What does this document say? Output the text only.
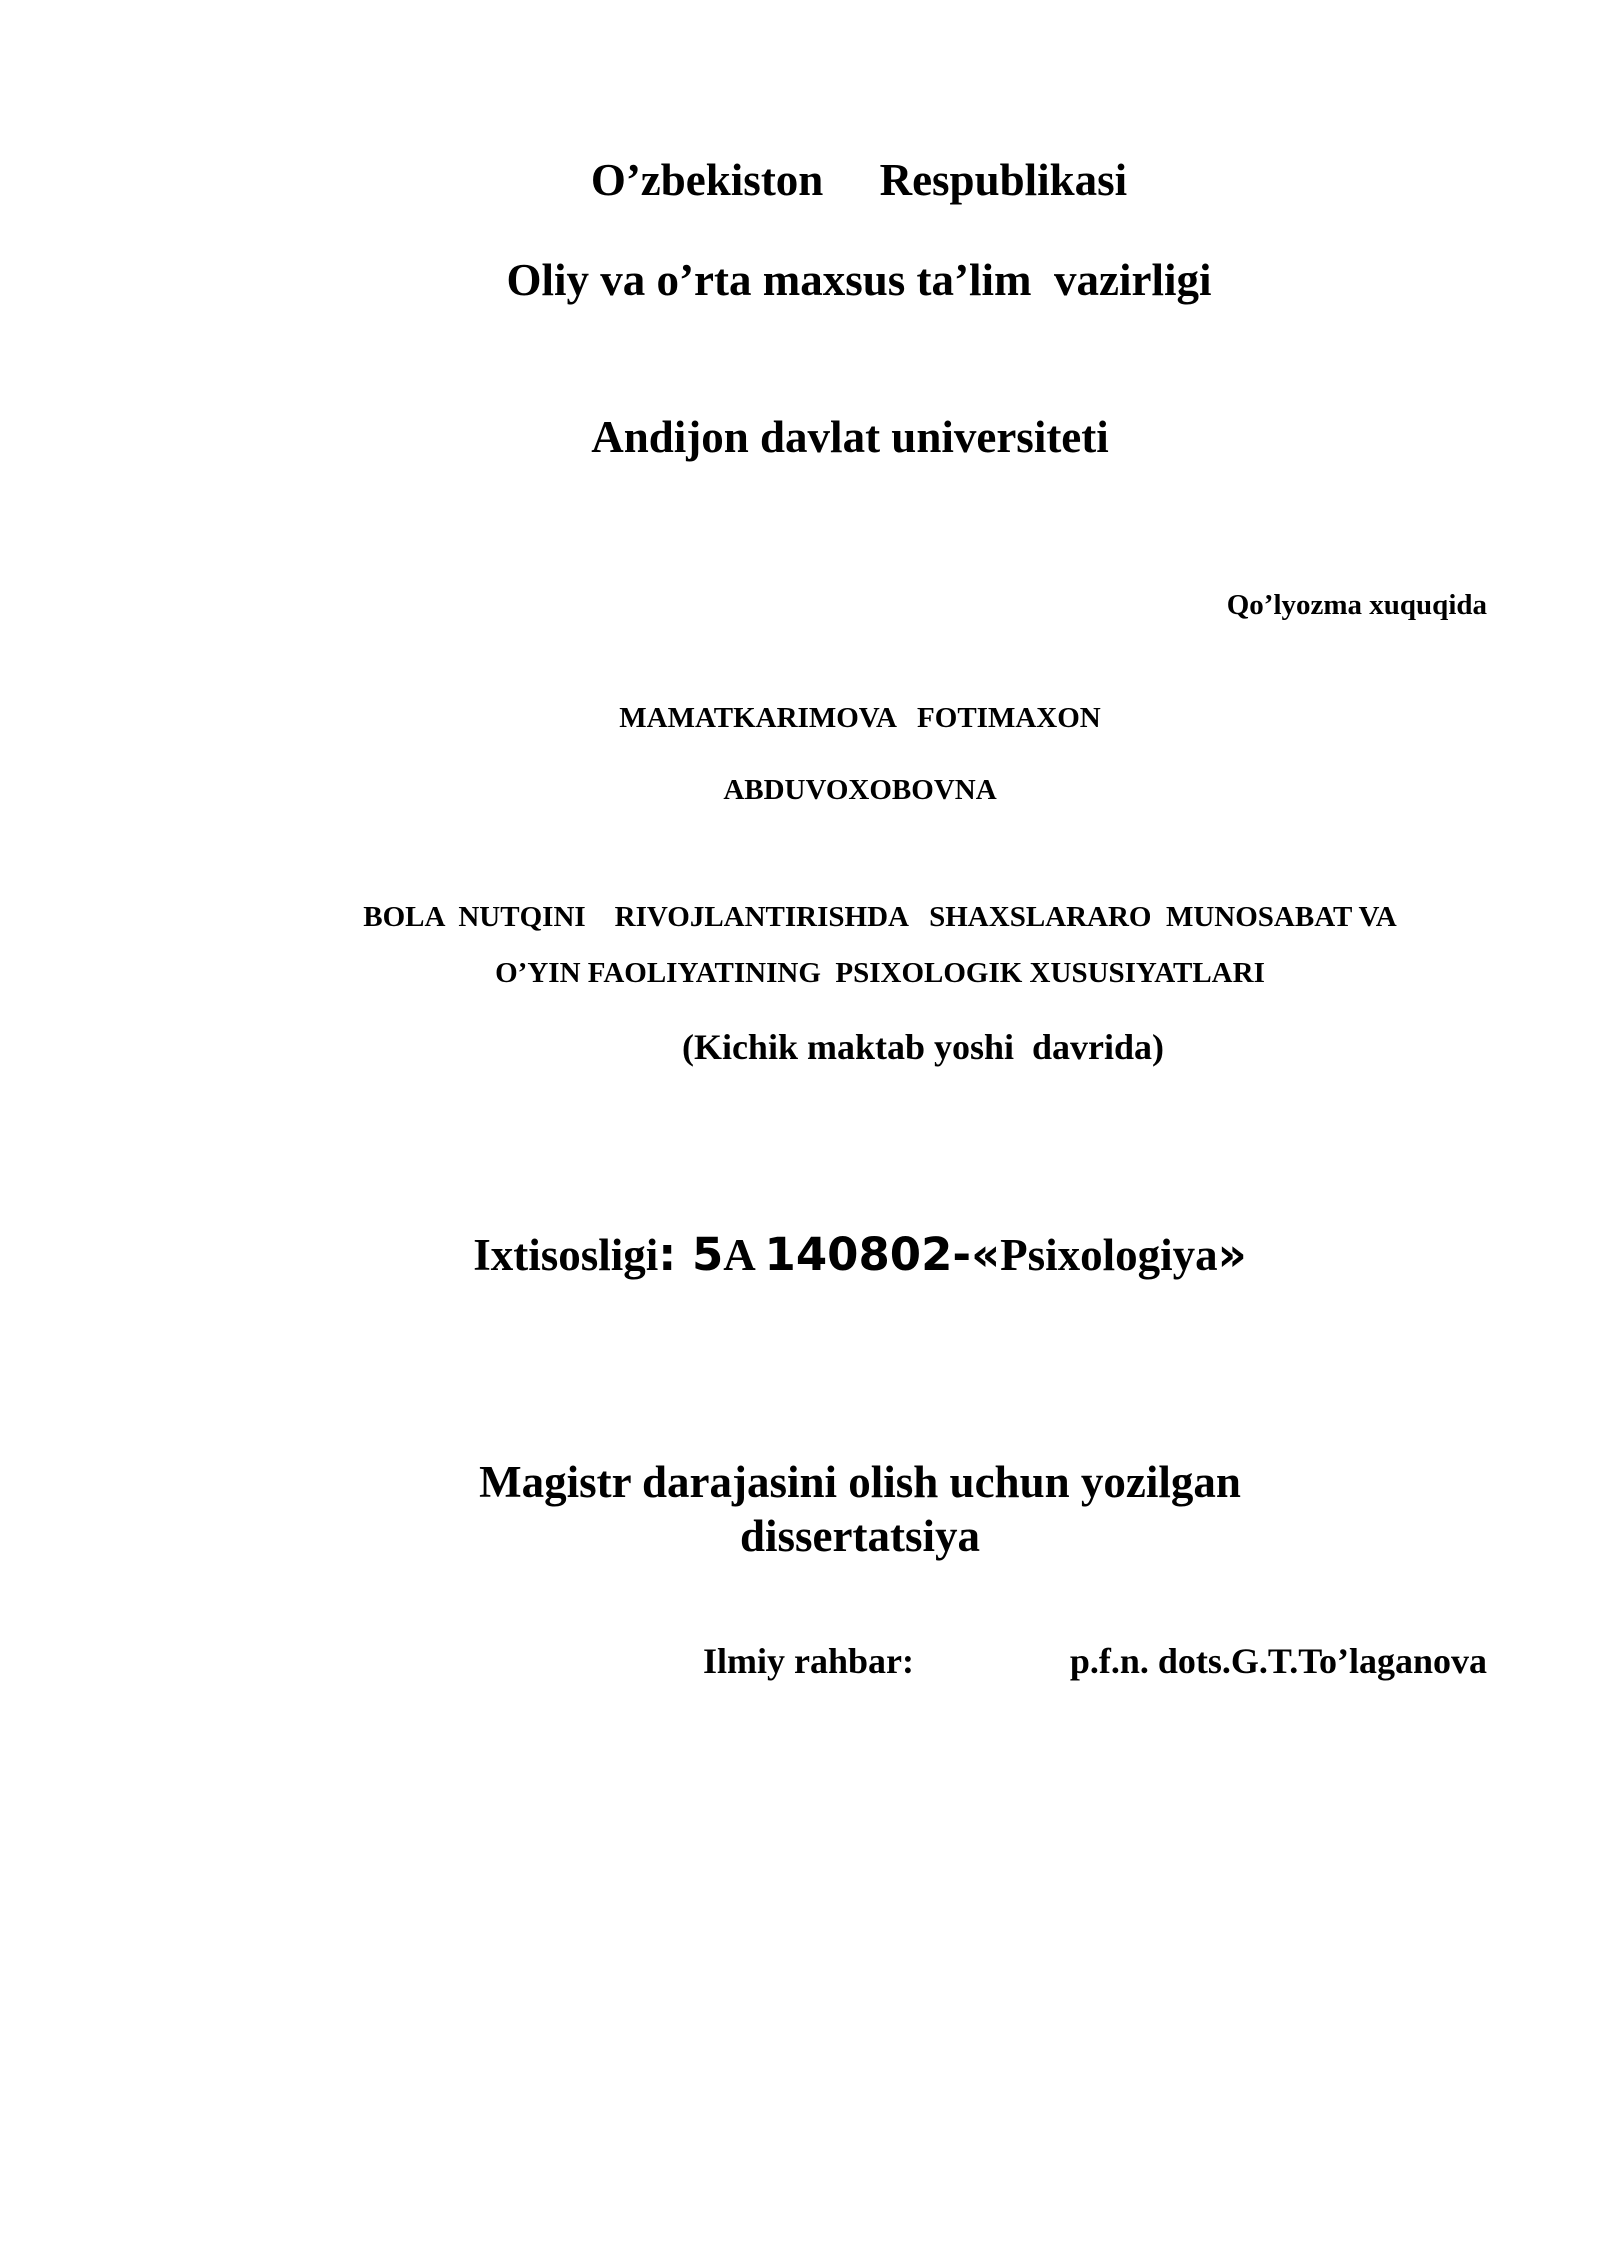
O’zbekiston     Respublikasi
Oliy va o’rta maxsus ta’lim  vazirligi
Andijon davlat universiteti
Qo’lyozma xuquqida
MAMATKARIMOVA   FOTIMAXON
ABDUVOXOBOVNA
BOLA  NUTQINI    RIVOJLANTIRISHDA   SHAXSLARARO  MUNOSABAT VA
O’YIN FAOLIYATINING  PSIXOLOGIK XUSUSIYATLARI
(Kichik maktab yoshi  davrida)
Ixtisosligi: 5A 140802-«Psixologiya»
Magistr darajasini olish uchun yozilgan
dissertatsiya
Ilmiy rahbar:	p.f.n. dots.G.T.To’laganova
